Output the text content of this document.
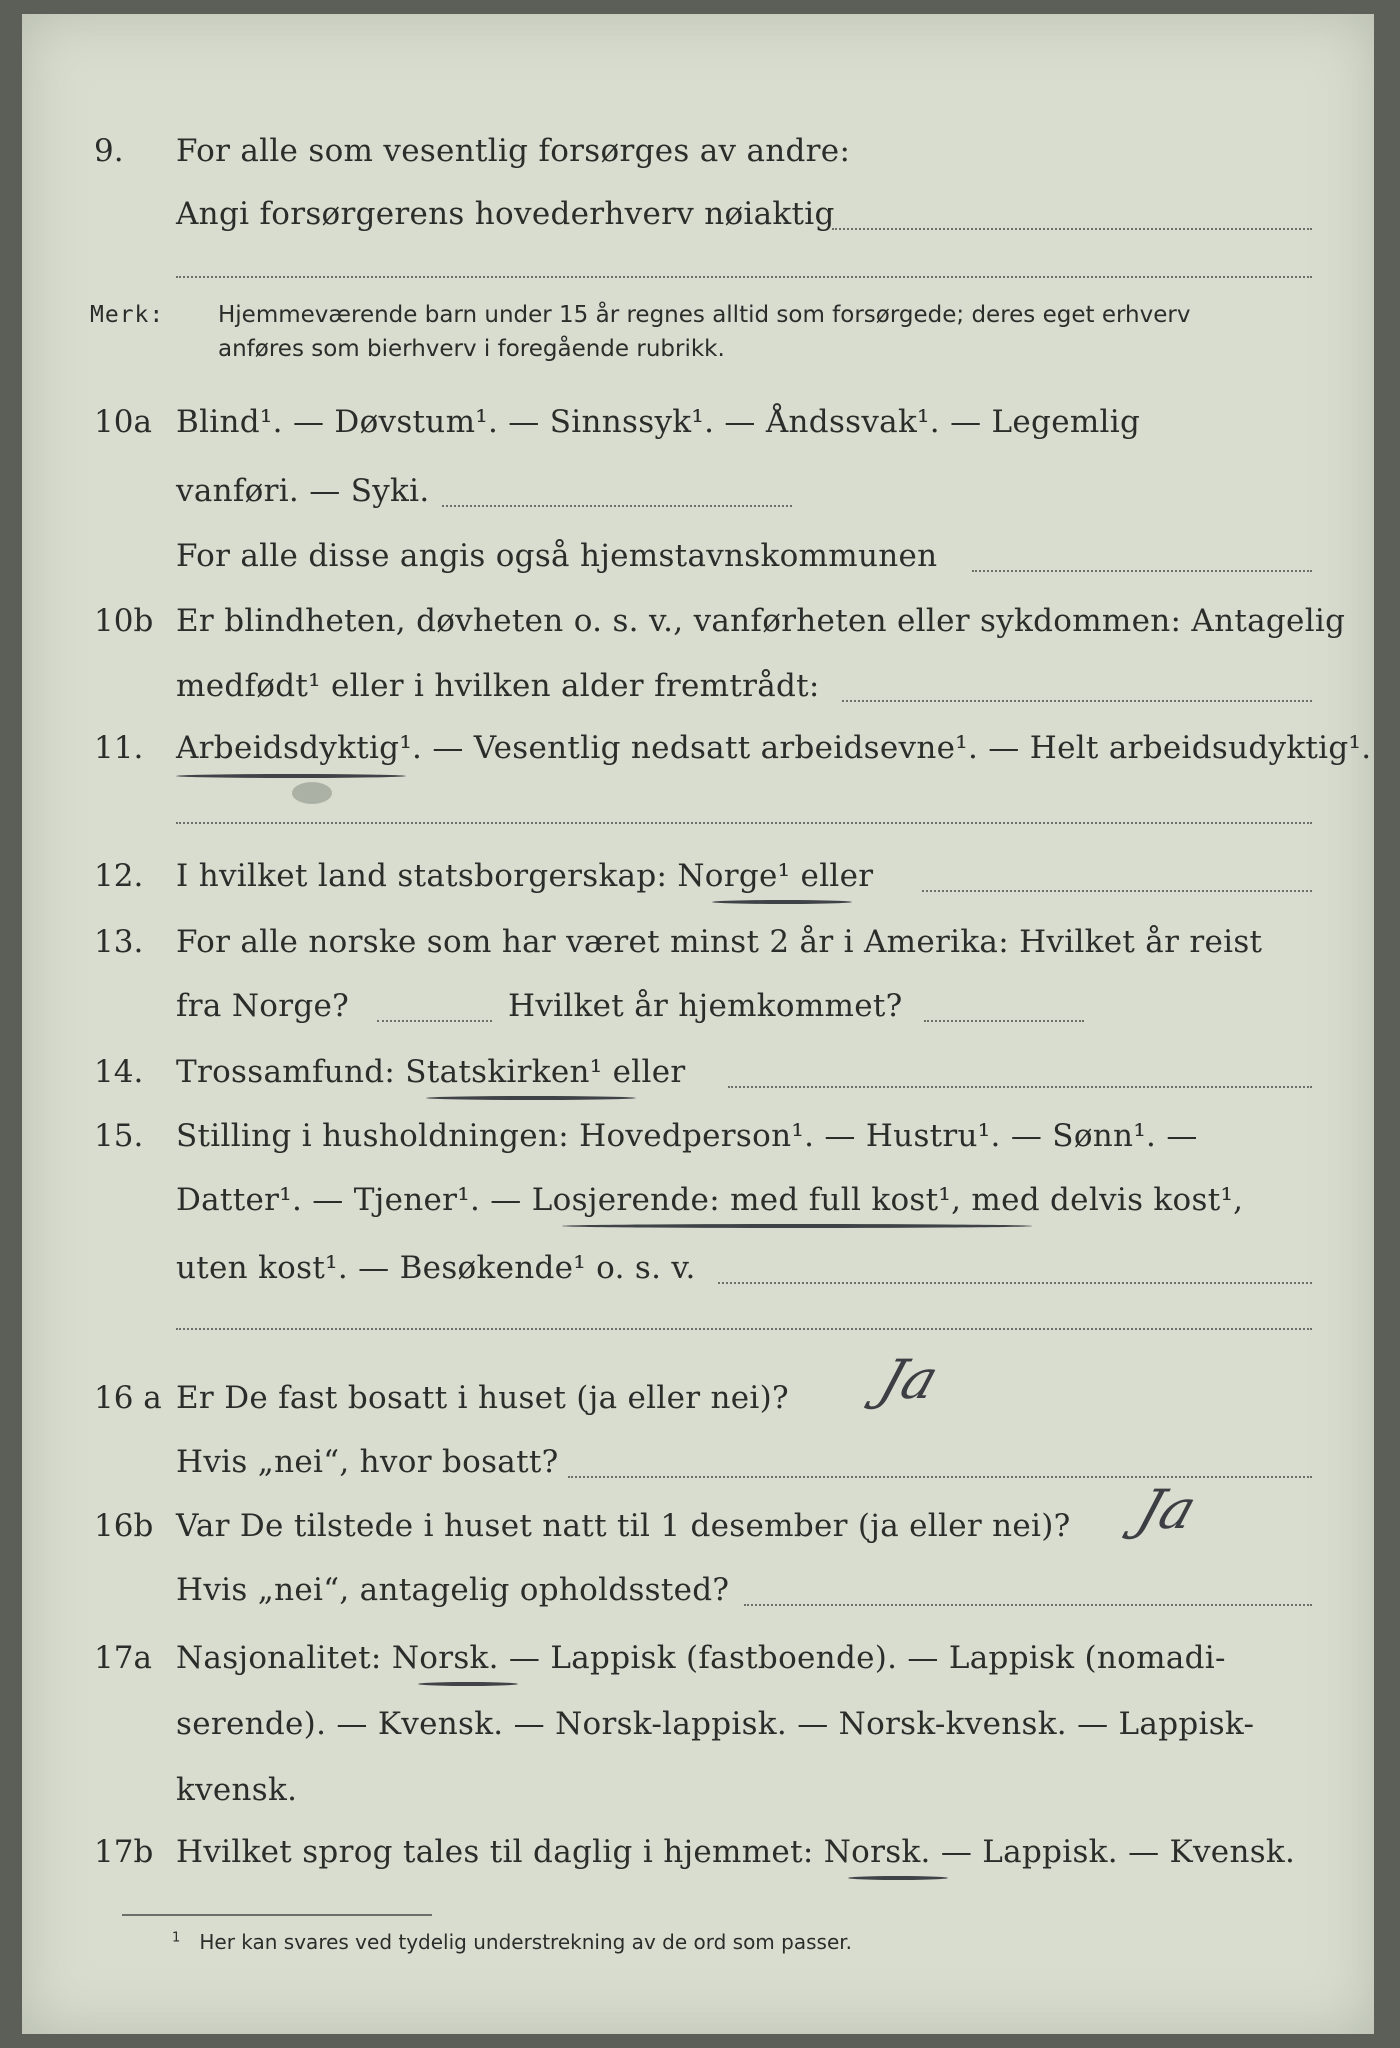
9. For alle som vesentlig forsørges av andre:
Angi forsørgerens hovederhverv nøiaktig
Merk: Hjemmeværende barn under 15 år regnes alltid som forsørgede; deres eget erhverv
anføres som bierhverv i foregående rubrikk.
10a Blind¹. — Døvstum¹. — Sinnssyk¹. — Åndssvak¹. — Legemlig
vanføri. — Syki.
For alle disse angis også hjemstavnskommunen
10b Er blindheten, døvheten o. s. v., vanførheten eller sykdommen: Antagelig
medfødt¹ eller i hvilken alder fremtrådt:
11. Arbeidsdyktig¹. — Vesentlig nedsatt arbeidsevne¹. — Helt arbeidsudyktig¹.
12. I hvilket land statsborgerskap: Norge¹ eller
13. For alle norske som har været minst 2 år i Amerika: Hvilket år reist
fra Norge?	Hvilket år hjemkommet?
14. Trossamfund: Statskirken¹ eller
15. Stilling i husholdningen: Hovedperson¹. — Hustru¹. — Sønn¹. —
Datter¹. — Tjener¹. — Losjerende: med full kost¹, med delvis kost¹,
uten kost¹. — Besøkende¹ o. s. v.
16 a Er De fast bosatt i huset (ja eller nei)? Ja
Hvis „nei“, hvor bosatt?
16b Var De tilstede i huset natt til 1 desember (ja eller nei)? Ja
Hvis „nei“, antagelig opholdssted?
17a Nasjonalitet: Norsk. — Lappisk (fastboende). — Lappisk (nomadi-
serende). — Kvensk. — Norsk-lappisk. — Norsk-kvensk. — Lappisk-
kvensk.
17b Hvilket sprog tales til daglig i hjemmet: Norsk. — Lappisk. — Kvensk.
$^1$ Her kan svares ved tydelig understrekning av de ord som passer.
